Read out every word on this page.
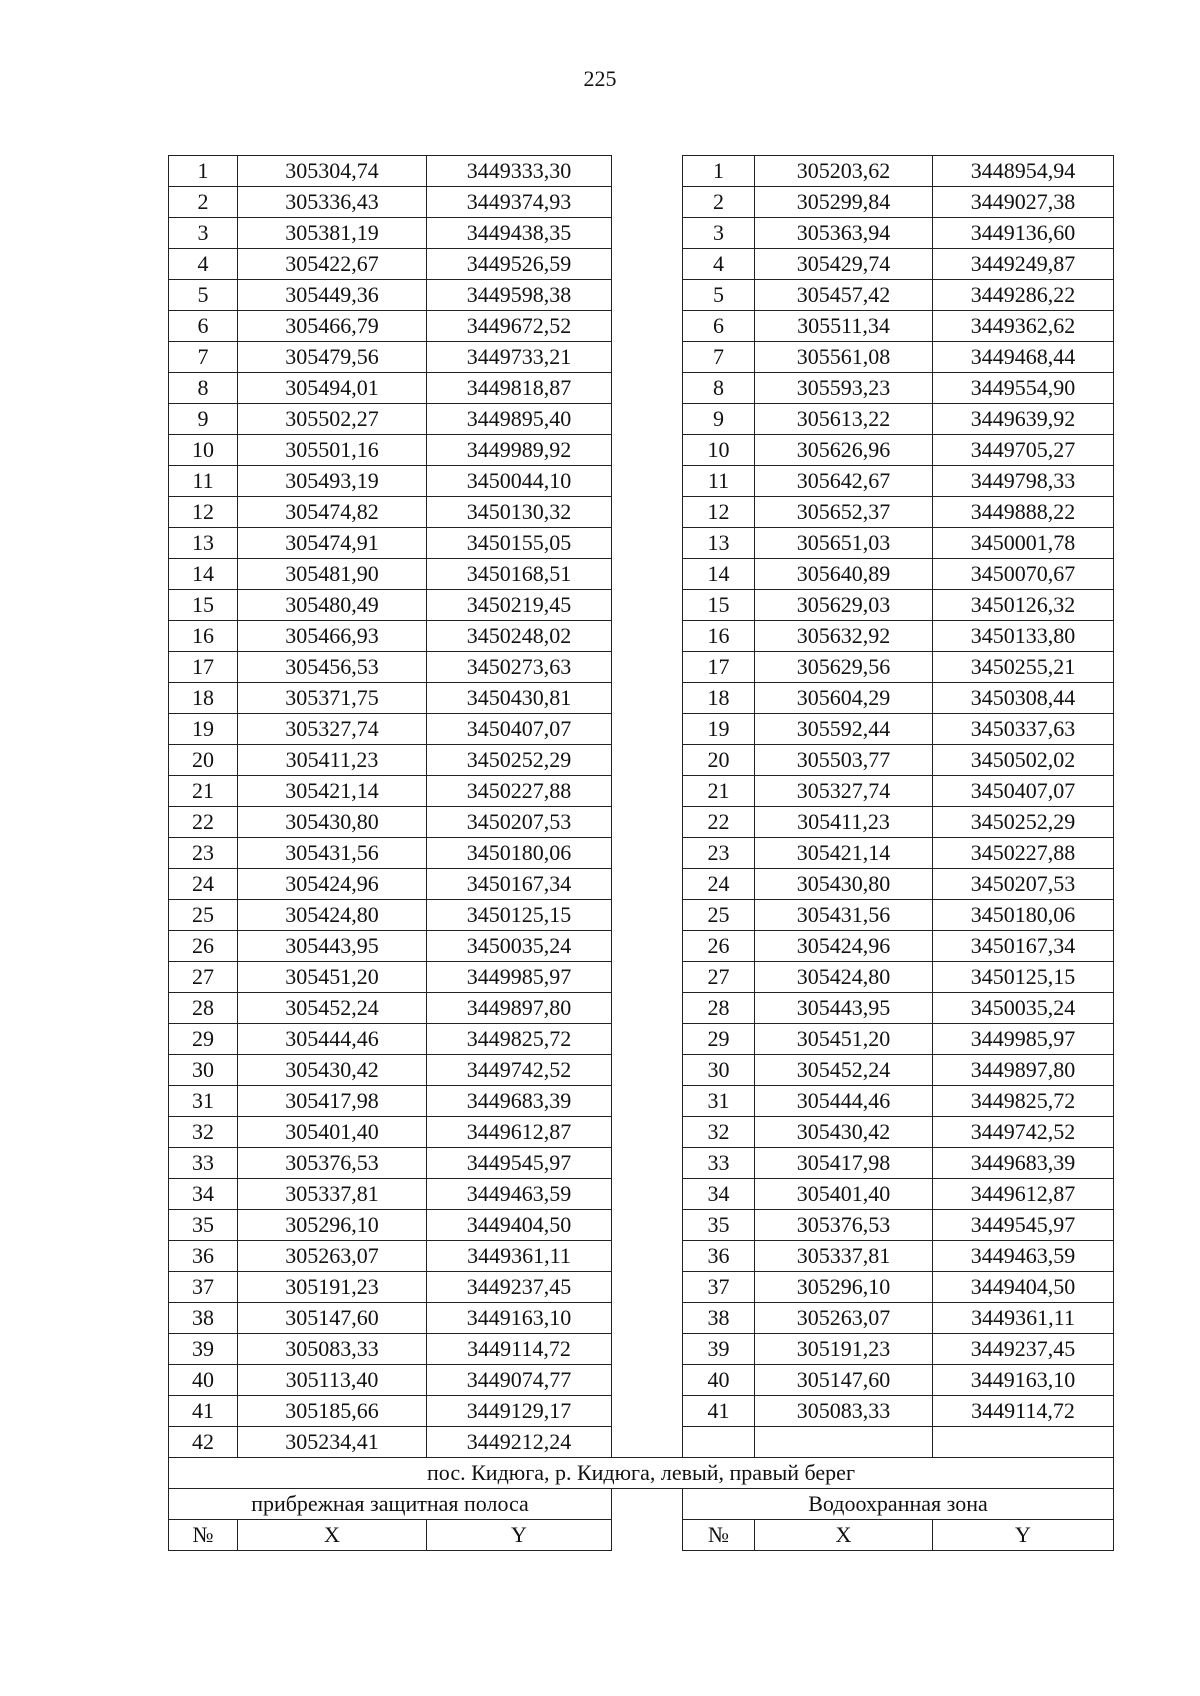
225
1	305304,74	3449333,30		1	305203,62	3448954,94
2	305336,43	3449374,93		2	305299,84	3449027,38
3	305381,19	3449438,35		3	305363,94	3449136,60
4	305422,67	3449526,59		4	305429,74	3449249,87
5	305449,36	3449598,38		5	305457,42	3449286,22
6	305466,79	3449672,52		6	305511,34	3449362,62
7	305479,56	3449733,21		7	305561,08	3449468,44
8	305494,01	3449818,87		8	305593,23	3449554,90
9	305502,27	3449895,40		9	305613,22	3449639,92
10	305501,16	3449989,92		10	305626,96	3449705,27
11	305493,19	3450044,10		11	305642,67	3449798,33
12	305474,82	3450130,32		12	305652,37	3449888,22
13	305474,91	3450155,05		13	305651,03	3450001,78
14	305481,90	3450168,51		14	305640,89	3450070,67
15	305480,49	3450219,45		15	305629,03	3450126,32
16	305466,93	3450248,02		16	305632,92	3450133,80
17	305456,53	3450273,63		17	305629,56	3450255,21
18	305371,75	3450430,81		18	305604,29	3450308,44
19	305327,74	3450407,07		19	305592,44	3450337,63
20	305411,23	3450252,29		20	305503,77	3450502,02
21	305421,14	3450227,88		21	305327,74	3450407,07
22	305430,80	3450207,53		22	305411,23	3450252,29
23	305431,56	3450180,06		23	305421,14	3450227,88
24	305424,96	3450167,34		24	305430,80	3450207,53
25	305424,80	3450125,15		25	305431,56	3450180,06
26	305443,95	3450035,24		26	305424,96	3450167,34
27	305451,20	3449985,97		27	305424,80	3450125,15
28	305452,24	3449897,80		28	305443,95	3450035,24
29	305444,46	3449825,72		29	305451,20	3449985,97
30	305430,42	3449742,52		30	305452,24	3449897,80
31	305417,98	3449683,39		31	305444,46	3449825,72
32	305401,40	3449612,87		32	305430,42	3449742,52
33	305376,53	3449545,97		33	305417,98	3449683,39
34	305337,81	3449463,59		34	305401,40	3449612,87
35	305296,10	3449404,50		35	305376,53	3449545,97
36	305263,07	3449361,11		36	305337,81	3449463,59
37	305191,23	3449237,45		37	305296,10	3449404,50
38	305147,60	3449163,10		38	305263,07	3449361,11
39	305083,33	3449114,72		39	305191,23	3449237,45
40	305113,40	3449074,77		40	305147,60	3449163,10
41	305185,66	3449129,17		41	305083,33	3449114,72
42	305234,41	3449212,24				
пос. Кидюга, р. Кидюга, левый, правый берег						
прибрежная защитная полоса				Водоохранная зона		
№	X	Y		№	X	Y
